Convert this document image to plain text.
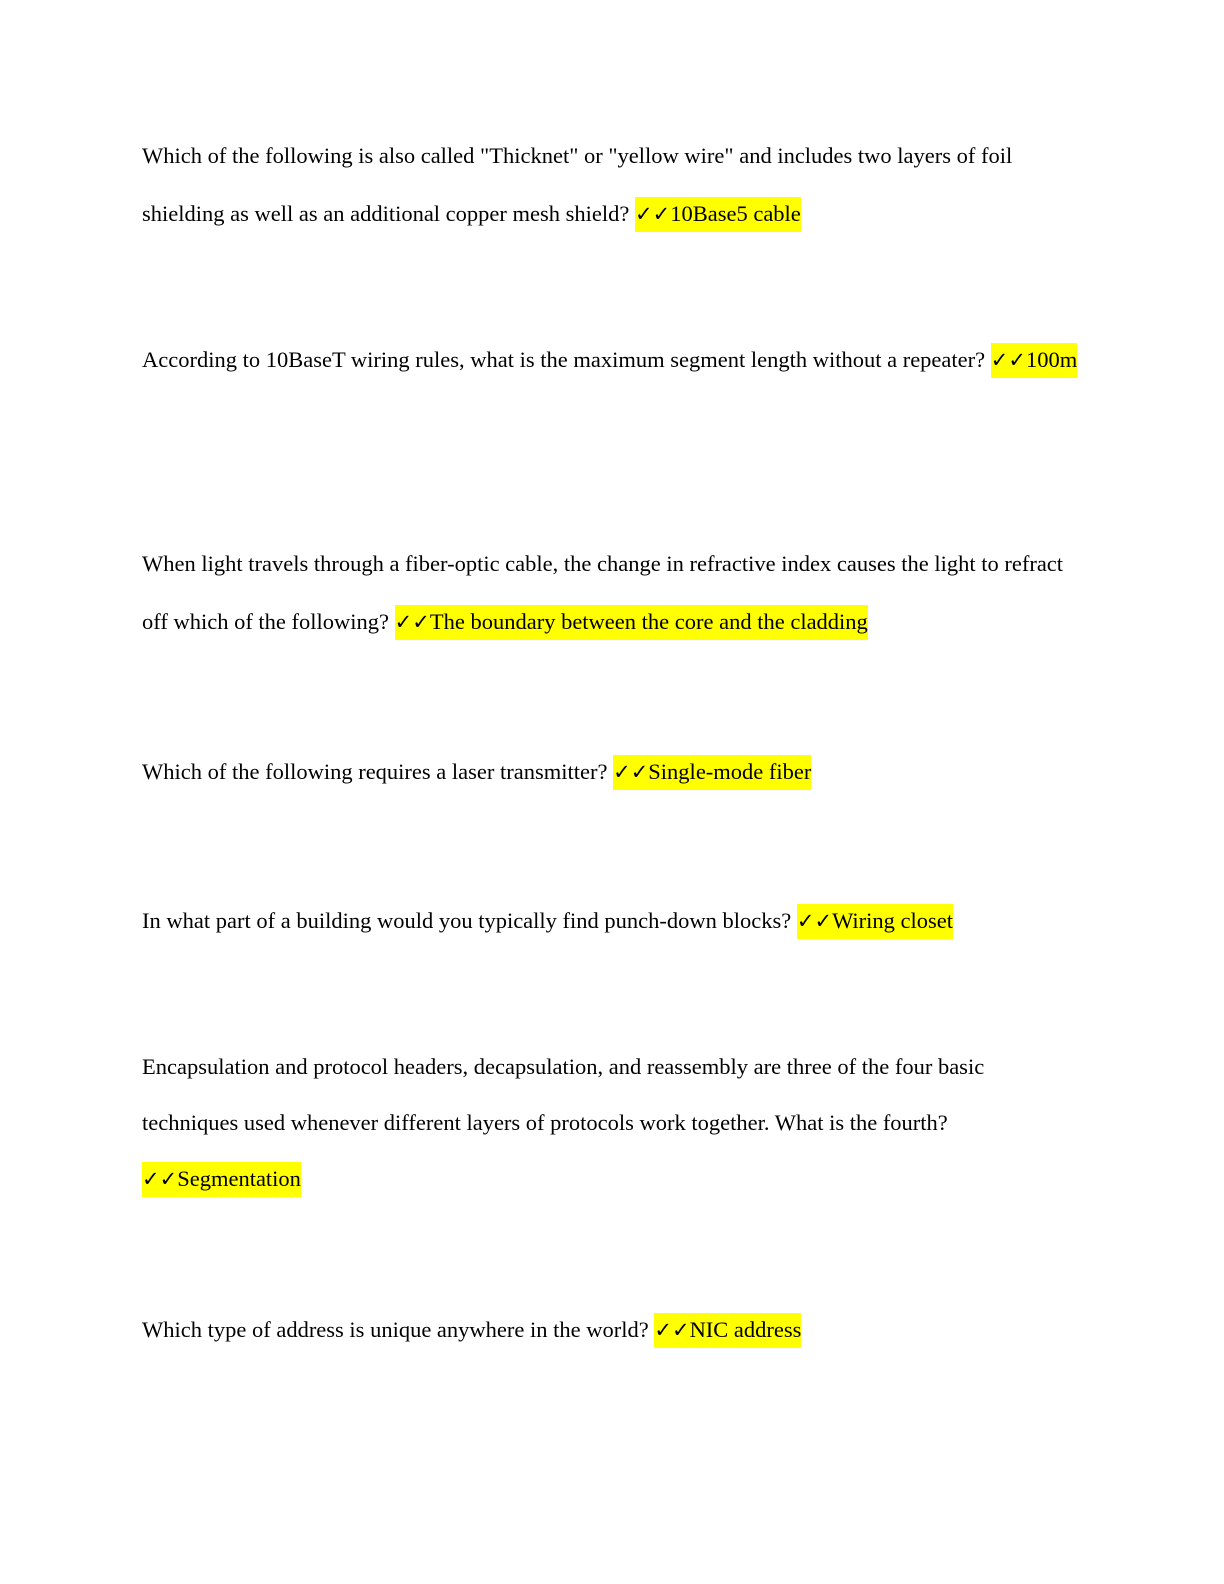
Which of the following is also called "Thicknet" or "yellow wire" and includes two layers of foil shielding as well as an additional copper mesh shield? ✓✓10Base5 cable

According to 10BaseT wiring rules, what is the maximum segment length without a repeater? ✓✓100m

When light travels through a fiber-optic cable, the change in refractive index causes the light to refract off which of the following? ✓✓The boundary between the core and the cladding

Which of the following requires a laser transmitter? ✓✓Single-mode fiber

In what part of a building would you typically find punch-down blocks? ✓✓Wiring closet

Encapsulation and protocol headers, decapsulation, and reassembly are three of the four basic techniques used whenever different layers of protocols work together. What is the fourth? ✓✓Segmentation

Which type of address is unique anywhere in the world? ✓✓NIC address
